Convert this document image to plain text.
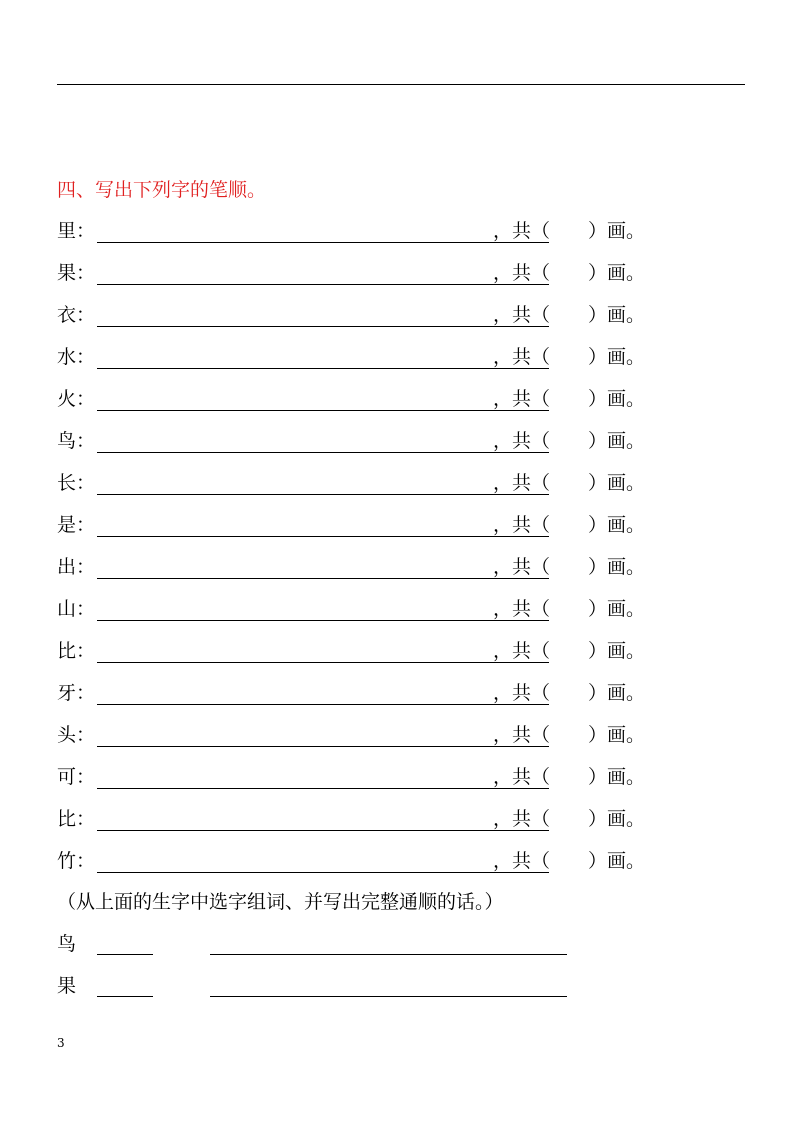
四、写出下列字的笔顺。
里：	，共（　　）画。
果：	，共（　　）画。
衣：	，共（　　）画。
水：	，共（　　）画。
火：	，共（　　）画。
鸟：	，共（　　）画。
长：	，共（　　）画。
是：	，共（　　）画。
出：	，共（　　）画。
山：	，共（　　）画。
比：	，共（　　）画。
牙：	，共（　　）画。
头：	，共（　　）画。
可：	，共（　　）画。
比：	，共（　　）画。
竹：	，共（　　）画。
（从上面的生字中选字组词、并写出完整通顺的话。）
鸟
果
3
